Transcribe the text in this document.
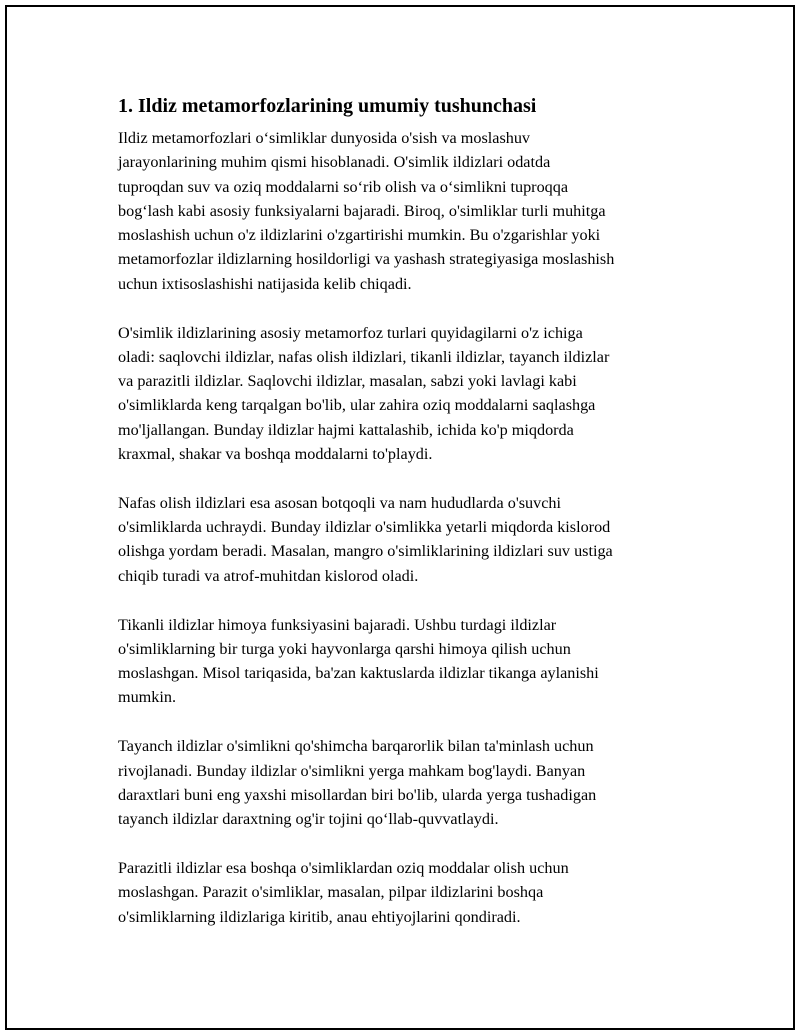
1. Ildiz metamorfozlarining umumiy tushunchasi

Ildiz metamorfozlari o‘simliklar dunyosida o'sish va moslashuv
jarayonlarining muhim qismi hisoblanadi. O'simlik ildizlari odatda
tuproqdan suv va oziq moddalarni so‘rib olish va o‘simlikni tuproqqa
bog‘lash kabi asosiy funksiyalarni bajaradi. Biroq, o'simliklar turli muhitga
moslashish uchun o'z ildizlarini o'zgartirishi mumkin. Bu o'zgarishlar yoki
metamorfozlar ildizlarning hosildorligi va yashash strategiyasiga moslashish
uchun ixtisoslashishi natijasida kelib chiqadi.

O'simlik ildizlarining asosiy metamorfoz turlari quyidagilarni o'z ichiga
oladi: saqlovchi ildizlar, nafas olish ildizlari, tikanli ildizlar, tayanch ildizlar
va parazitli ildizlar. Saqlovchi ildizlar, masalan, sabzi yoki lavlagi kabi
o'simliklarda keng tarqalgan bo'lib, ular zahira oziq moddalarni saqlashga
mo'ljallangan. Bunday ildizlar hajmi kattalashib, ichida ko'p miqdorda
kraxmal, shakar va boshqa moddalarni to'playdi.

Nafas olish ildizlari esa asosan botqoqli va nam hududlarda o'suvchi
o'simliklarda uchraydi. Bunday ildizlar o'simlikka yetarli miqdorda kislorod
olishga yordam beradi. Masalan, mangro o'simliklarining ildizlari suv ustiga
chiqib turadi va atrof-muhitdan kislorod oladi.

Tikanli ildizlar himoya funksiyasini bajaradi. Ushbu turdagi ildizlar
o'simliklarning bir turga yoki hayvonlarga qarshi himoya qilish uchun
moslashgan. Misol tariqasida, ba'zan kaktuslarda ildizlar tikanga aylanishi
mumkin.

Tayanch ildizlar o'simlikni qo'shimcha barqarorlik bilan ta'minlash uchun
rivojlanadi. Bunday ildizlar o'simlikni yerga mahkam bog'laydi. Banyan
daraxtlari buni eng yaxshi misollardan biri bo'lib, ularda yerga tushadigan
tayanch ildizlar daraxtning og'ir tojini qo‘llab-quvvatlaydi.

Parazitli ildizlar esa boshqa o'simliklardan oziq moddalar olish uchun
moslashgan. Parazit o'simliklar, masalan, pilpar ildizlarini boshqa
o'simliklarning ildizlariga kiritib, anau ehtiyojlarini qondiradi.
